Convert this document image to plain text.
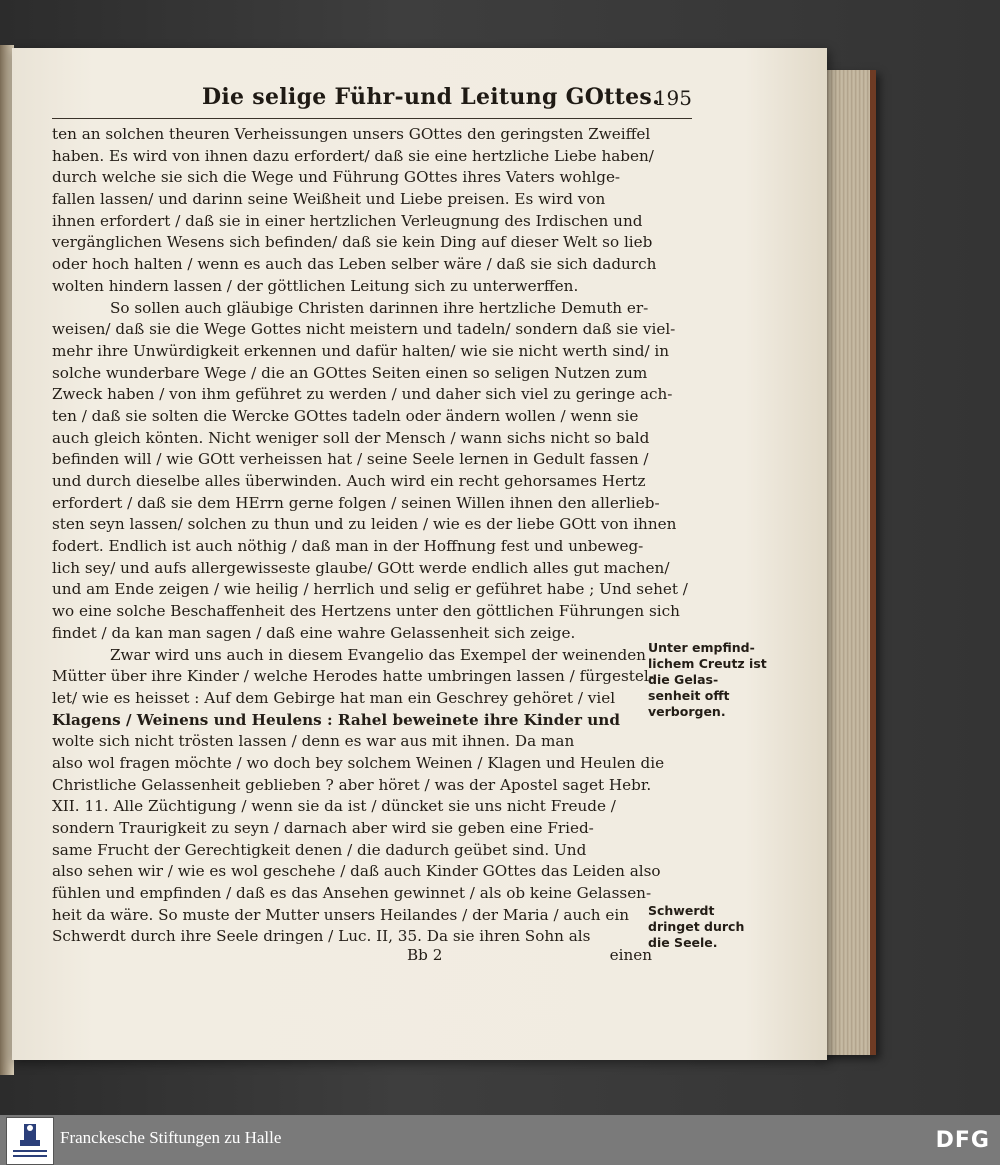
Die selige Führ-und Leitung GOttes.
195
ten an solchen theuren Verheissungen unsers GOttes den geringsten Zweiffel
haben. Es wird von ihnen dazu erfordert/ daß sie eine hertzliche Liebe haben/
durch welche sie sich die Wege und Führung GOttes ihres Vaters wohlge-
fallen lassen/ und darinn seine Weißheit und Liebe preisen. Es wird von
ihnen erfordert / daß sie in einer hertzlichen Verleugnung des Irdischen und
vergänglichen Wesens sich befinden/ daß sie kein Ding auf dieser Welt so lieb
oder hoch halten / wenn es auch das Leben selber wäre / daß sie sich dadurch
wolten hindern lassen / der göttlichen Leitung sich zu unterwerffen.
So sollen auch gläubige Christen darinnen ihre hertzliche Demuth er-
weisen/ daß sie die Wege Gottes nicht meistern und tadeln/ sondern daß sie viel-
mehr ihre Unwürdigkeit erkennen und dafür halten/ wie sie nicht werth sind/ in
solche wunderbare Wege / die an GOttes Seiten einen so seligen Nutzen zum
Zweck haben / von ihm geführet zu werden / und daher sich viel zu geringe ach-
ten / daß sie solten die Wercke GOttes tadeln oder ändern wollen / wenn sie
auch gleich könten. Nicht weniger soll der Mensch / wann sichs nicht so bald
befinden will / wie GOtt verheissen hat / seine Seele lernen in Gedult fassen /
und durch dieselbe alles überwinden. Auch wird ein recht gehorsames Hertz
erfordert / daß sie dem HErrn gerne folgen / seinen Willen ihnen den allerlieb-
sten seyn lassen/ solchen zu thun und zu leiden / wie es der liebe GOtt von ihnen
fodert. Endlich ist auch nöthig / daß man in der Hoffnung fest und unbeweg-
lich sey/ und aufs allergewisseste glaube/ GOtt werde endlich alles gut machen/
und am Ende zeigen / wie heilig / herrlich und selig er geführet habe ; Und sehet /
wo eine solche Beschaffenheit des Hertzens unter den göttlichen Führungen sich
findet / da kan man sagen / daß eine wahre Gelassenheit sich zeige.
Zwar wird uns auch in diesem Evangelio das Exempel der weinenden
Mütter über ihre Kinder / welche Herodes hatte umbringen lassen / fürgestel-
let/ wie es heisset : Auf dem Gebirge hat man ein Geschrey gehöret / viel
Klagens / Weinens und Heulens : Rahel beweinete ihre Kinder und
wolte sich nicht trösten lassen / denn es war aus mit ihnen. Da man
also wol fragen möchte / wo doch bey solchem Weinen / Klagen und Heulen die
Christliche Gelassenheit geblieben ? aber höret / was der Apostel saget Hebr.
XII. 11. Alle Züchtigung / wenn sie da ist / düncket sie uns nicht Freude /
sondern Traurigkeit zu seyn / darnach aber wird sie geben eine Fried-
same Frucht der Gerechtigkeit denen / die dadurch geübet sind. Und
also sehen wir / wie es wol geschehe / daß auch Kinder GOttes das Leiden also
fühlen und empfinden / daß es das Ansehen gewinnet / als ob keine Gelassen-
heit da wäre. So muste der Mutter unsers Heilandes / der Maria / auch ein
Schwerdt durch ihre Seele dringen / Luc. II, 35. Da sie ihren Sohn als
Bb 2	einen
Unter empfind-lichem Creutz ist die Gelas-senheit offt verborgen.
Schwerdt dringet durch die Seele.
Franckesche Stiftungen zu Halle	DFG
